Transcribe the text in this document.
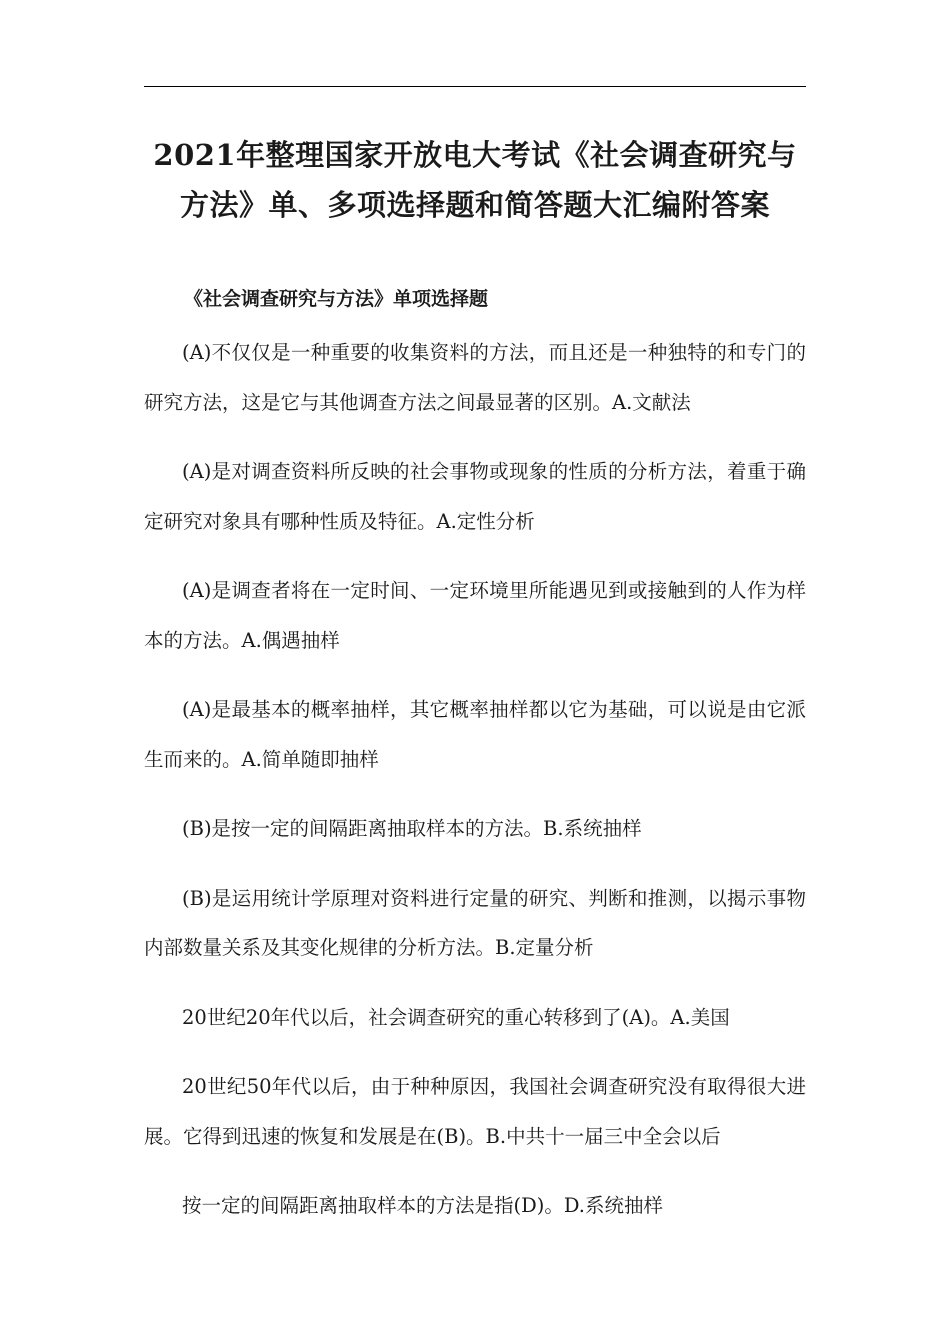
2021年整理国家开放电大考试《社会调查研究与方法》单、多项选择题和简答题大汇编附答案
《社会调查研究与方法》单项选择题

(A)不仅仅是一种重要的收集资料的方法，而且还是一种独特的和专门的研究方法，这是它与其他调查方法之间最显著的区别。A.文献法

(A)是对调查资料所反映的社会事物或现象的性质的分析方法，着重于确定研究对象具有哪种性质及特征。A.定性分析

(A)是调查者将在一定时间、一定环境里所能遇见到或接触到的人作为样本的方法。A.偶遇抽样

(A)是最基本的概率抽样，其它概率抽样都以它为基础，可以说是由它派生而来的。A.简单随即抽样

(B)是按一定的间隔距离抽取样本的方法。B.系统抽样

(B)是运用统计学原理对资料进行定量的研究、判断和推测，以揭示事物内部数量关系及其变化规律的分析方法。B.定量分析

20世纪20年代以后，社会调查研究的重心转移到了(A)。A.美国

20世纪50年代以后，由于种种原因，我国社会调查研究没有取得很大进展。它得到迅速的恢复和发展是在(B)。B.中共十一届三中全会以后

按一定的间隔距离抽取样本的方法是指(D)。D.系统抽样
